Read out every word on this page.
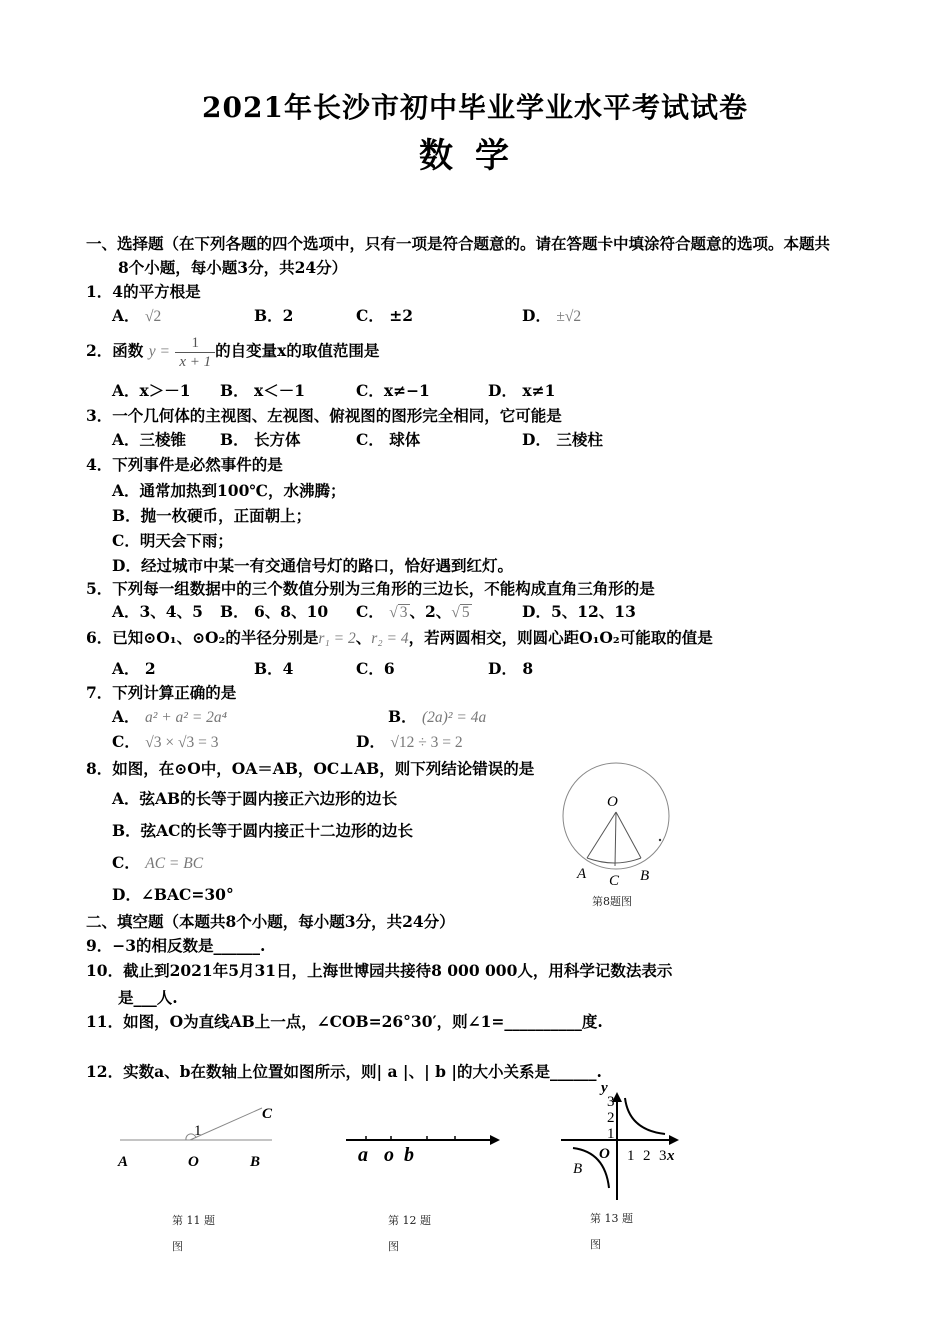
2021年长沙市初中毕业学业水平考试试卷
数学
一、选择题（在下列各题的四个选项中，只有一项是符合题意的。请在答题卡中填涂符合题意的选项。本题共
8个小题，每小题3分，共24分）
1．4的平方根是
A． √2	B．2	C． ±2	D． ±√2
2．函数 $y = \frac{1}{x + 1}$ 的自变量x的取值范围是
A．x＞－1 B． x＜－1	C．x≠−1	D． x≠1
3．一个几何体的主视图、左视图、俯视图的图形完全相同，它可能是
A．三棱锥 B． 长方体	C． 球体	D． 三棱柱
4．下列事件是必然事件的是
A．通常加热到100℃，水沸腾；
B．抛一枚硬币，正面朝上；
C．明天会下雨；
D．经过城市中某一有交通信号灯的路口，恰好遇到红灯。
5．下列每一组数据中的三个数值分别为三角形的三边长，不能构成直角三角形的是
A．3、4、5 B． 6、8、10 C． √ 3 、2、√ 5	D．5、12、13
6．已知⊙O₁、⊙O₂的半径分别是r₁ = 2、r₂ = 4，若两圆相交，则圆心距O₁O₂可能取的值是
A． 2	B．4	C．6	D． 8
7．下列计算正确的是
A． a² + a² = 2a⁴	B． (2a)² = 4a
C． √3 × √3 = 3	D． √12 ÷ 3 = 2
8．如图，在⊙O中，OA＝AB，OC⊥AB，则下列结论错误的是
A．弦AB的长等于圆内接正六边形的边长
B．弦AC的长等于圆内接正十二边形的边长
C． AC = BC
D．∠BAC=30°
O
A C B
第8题图
二、填空题（本题共8个小题，每小题3分，共24分）
9．−3的相反数是______.
10．截止到2021年5月31日，上海世博园共接待8 000 000人，用科学记数法表示
是___人.
11．如图，O为直线AB上一点，∠COB=26°30′，则∠1=__________度.
12．实数a、b在数轴上位置如图所示，则| a |、| b |的大小关系是______.
1
A	O	B
C
第 11 题
图
a o b
第 12 题
图
y
x
O
B
1 2 3
1
2
3
第 13 题
图
